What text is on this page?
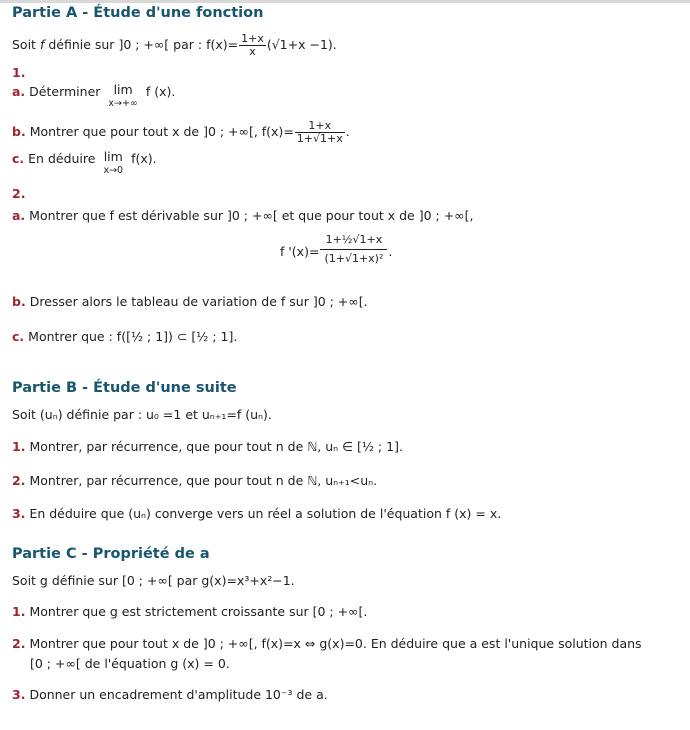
Partie A - Étude d'une fonction
Soit f définie sur ]0 ; +∞[ par : $f(x)= \frac{1+x}{x} (√1+x -1)$.
1.
a. Déterminer lim
x→+∞ f (x).
b. Montrer que pour tout x de ]0 ; +∞[, $f(x)= \frac{1+x}{1+√1+x}$ .
c. En déduire lim
x→0 f(x).
2.
a. Montrer que f est dérivable sur ]0 ; +∞[ et que pour tout x de ]0 ; +∞[,
f '$(x)= \frac{\text{1+½√1+x}}{\text{(1+√1+x)²}}$ .
b. Dresser alors le tableau de variation de f sur ]0 ; +∞[.
c. Montrer que : f([½ ; 1]) ⊂ [½ ; 1].
Partie B - Étude d'une suite
Soit (uₙ) définie par : u₀ =1 et uₙ₊₁=f (uₙ).
1. Montrer, par récurrence, que pour tout n de ℕ, uₙ ∈ [½ ; 1].
2. Montrer, par récurrence, que pour tout n de ℕ, uₙ₊₁<uₙ.
3. En déduire que (uₙ) converge vers un réel a solution de l'équation f (x) = x.
Partie C - Propriété de a
Soit g définie sur [0 ; +∞[ par g(x)=x³+x²−1.
1. Montrer que g est strictement croissante sur [0 ; +∞[.
2. Montrer que pour tout x de ]0 ; +∞[, f(x)=x ⇔ g(x)=0. En déduire que a est l'unique solution dans
[0 ; +∞[ de l'équation g (x) = 0.
3. Donner un encadrement d'amplitude 10⁻³ de a.
